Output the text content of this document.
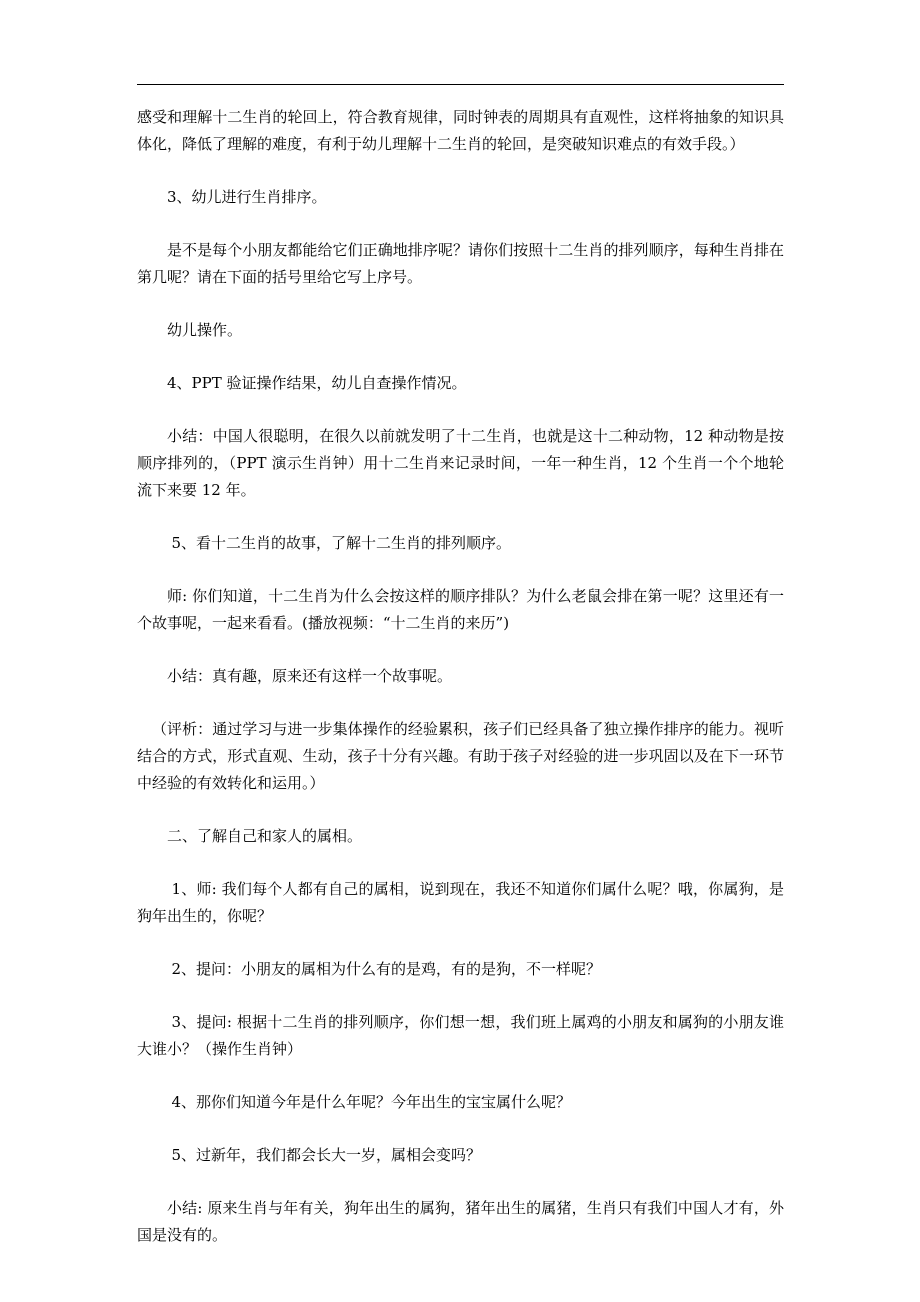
感受和理解十二生肖的轮回上，符合教育规律，同时钟表的周期具有直观性，这样将抽象的知识具体化，降低了理解的难度，有利于幼儿理解十二生肖的轮回，是突破知识难点的有效手段。）

3、幼儿进行生肖排序。

是不是每个小朋友都能给它们正确地排序呢？请你们按照十二生肖的排列顺序，每种生肖排在第几呢？请在下面的括号里给它写上序号。

幼儿操作。

4、PPT 验证操作结果，幼儿自查操作情况。

小结：中国人很聪明，在很久以前就发明了十二生肖，也就是这十二种动物，12 种动物是按顺序排列的，（PPT 演示生肖钟）用十二生肖来记录时间，一年一种生肖，12 个生肖一个个地轮流下来要 12 年。

5、看十二生肖的故事，了解十二生肖的排列顺序。

师: 你们知道，十二生肖为什么会按这样的顺序排队？为什么老鼠会排在第一呢？这里还有一个故事呢，一起来看看。(播放视频：“十二生肖的来历”)

小结：真有趣，原来还有这样一个故事呢。

（评析：通过学习与进一步集体操作的经验累积，孩子们已经具备了独立操作排序的能力。视听结合的方式，形式直观、生动，孩子十分有兴趣。有助于孩子对经验的进一步巩固以及在下一环节中经验的有效转化和运用。）

二、了解自己和家人的属相。

1、师: 我们每个人都有自己的属相，说到现在，我还不知道你们属什么呢？哦，你属狗，是狗年出生的，你呢？

2、提问：小朋友的属相为什么有的是鸡，有的是狗，不一样呢？

3、提问: 根据十二生肖的排列顺序，你们想一想，我们班上属鸡的小朋友和属狗的小朋友谁大谁小？（操作生肖钟）

4、那你们知道今年是什么年呢？今年出生的宝宝属什么呢？

5、过新年，我们都会长大一岁，属相会变吗？

小结: 原来生肖与年有关，狗年出生的属狗，猪年出生的属猪，生肖只有我们中国人才有，外国是没有的。
